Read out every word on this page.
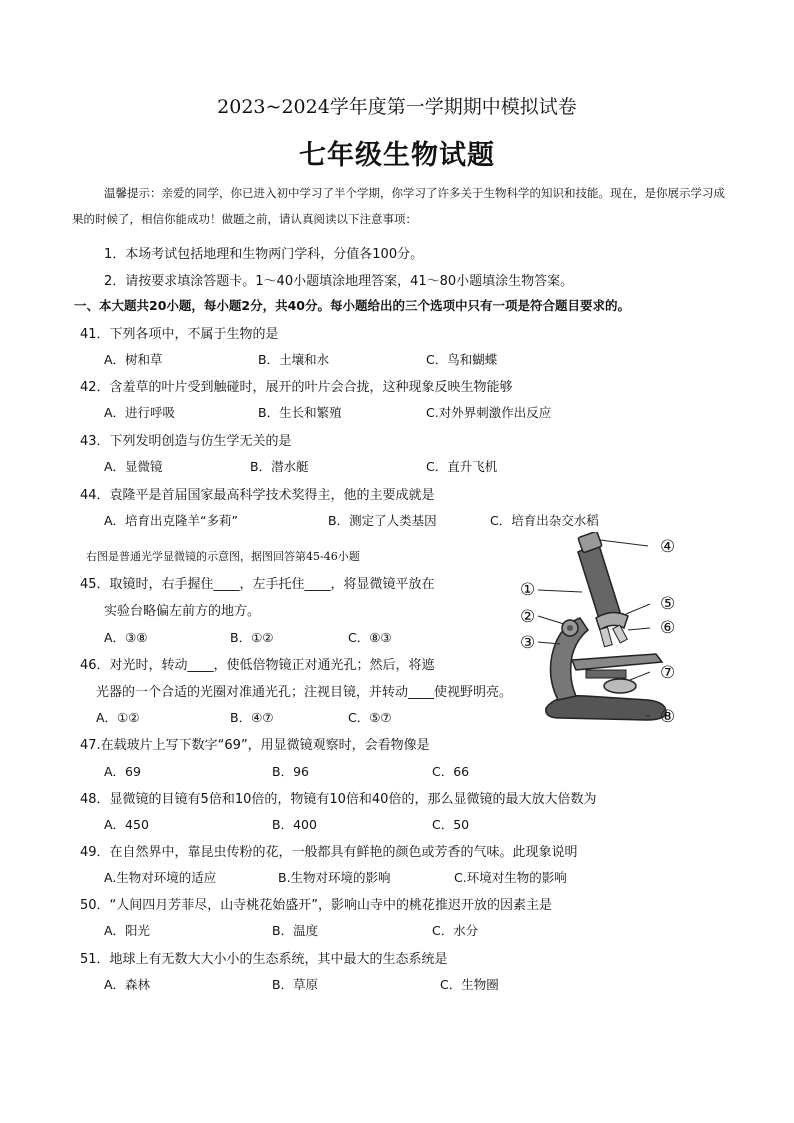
2023~2024学年度第一学期期中模拟试卷
七年级生物试题
温馨提示：亲爱的同学，你已进入初中学习了半个学期，你学习了许多关于生物科学的知识和技能。现在，是你展示学习成果的时候了，相信你能成功！做题之前，请认真阅读以下注意事项：
1．本场考试包括地理和生物两门学科，分值各100分。
2．请按要求填涂答题卡。1～40小题填涂地理答案，41～80小题填涂生物答案。
一、本大题共20小题，每小题2分，共40分。每小题给出的三个选项中只有一项是符合题目要求的。
41．下列各项中，不属于生物的是
A．树和草	B．土壤和水	C．鸟和蝴蝶
42．含羞草的叶片受到触碰时，展开的叶片会合拢，这种现象反映生物能够
A．进行呼吸	B．生长和繁殖	C.对外界刺激作出反应
43．下列发明创造与仿生学无关的是
A．显微镜	B．潜水艇	C．直升飞机
44．袁隆平是首届国家最高科学技术奖得主，他的主要成就是
A．培育出克隆羊“多莉”	B．测定了人类基因	C．培育出杂交水稻
右图是普通光学显微镜的示意图，据图回答第45-46小题
45．取镜时，右手握住____，左手托住____，将显微镜平放在
实验台略偏左前方的地方。
A．③⑧	B．①②	C．⑧③
46．对光时，转动____，使低倍物镜正对通光孔；然后，将遮
光器的一个合适的光圈对准通光孔；注视目镜，并转动____使视野明亮。
A．①②	B．④⑦	C．⑤⑦
④
①
②
③
⑤
⑥
⑦
⑧
47.在载玻片上写下数字“69”，用显微镜观察时，会看物像是
A．69	B．96	C．66
48．显微镜的目镜有5倍和10倍的，物镜有10倍和40倍的，那么显微镜的最大放大倍数为
A．450	B．400	C．50
49．在自然界中，靠昆虫传粉的花，一般都具有鲜艳的颜色或芳香的气味。此现象说明
A.生物对环境的适应	B.生物对环境的影响	C.环境对生物的影响
50．“人间四月芳菲尽，山寺桃花始盛开”，影响山寺中的桃花推迟开放的因素主是
A．阳光	B．温度	C．水分
51．地球上有无数大大小小的生态系统，其中最大的生态系统是
A．森林	B．草原	C．生物圈
